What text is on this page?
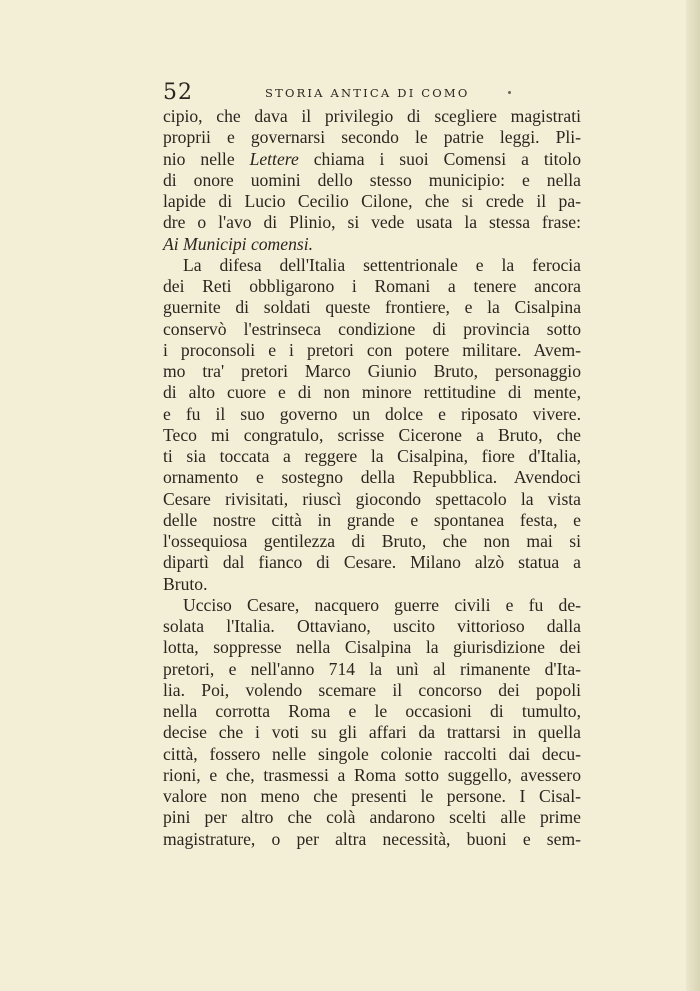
52	STORIA ANTICA DI COMO
cipio, che dava il privilegio di scegliere magistrati
proprii e governarsi secondo le patrie leggi. Pli-
nio nelle Lettere chiama i suoi Comensi a titolo
di onore uomini dello stesso municipio: e nella
lapide di Lucio Cecilio Cilone, che si crede il pa-
dre o l'avo di Plinio, si vede usata la stessa frase:
Ai Municipi comensi.
La difesa dell'Italia settentrionale e la ferocia
dei Reti obbligarono i Romani a tenere ancora
guernite di soldati queste frontiere, e la Cisalpina
conservò l'estrinseca condizione di provincia sotto
i proconsoli e i pretori con potere militare. Avem-
mo tra' pretori Marco Giunio Bruto, personaggio
di alto cuore e di non minore rettitudine di mente,
e fu il suo governo un dolce e riposato vivere.
Teco mi congratulo, scrisse Cicerone a Bruto, che
ti sia toccata a reggere la Cisalpina, fiore d'Italia,
ornamento e sostegno della Repubblica. Avendoci
Cesare rivisitati, riuscì giocondo spettacolo la vista
delle nostre città in grande e spontanea festa, e
l'ossequiosa gentilezza di Bruto, che non mai si
dipartì dal fianco di Cesare. Milano alzò statua a
Bruto.
Ucciso Cesare, nacquero guerre civili e fu de-
solata l'Italia. Ottaviano, uscito vittorioso dalla
lotta, soppresse nella Cisalpina la giurisdizione dei
pretori, e nell'anno 714 la unì al rimanente d'Ita-
lia. Poi, volendo scemare il concorso dei popoli
nella corrotta Roma e le occasioni di tumulto,
decise che i voti su gli affari da trattarsi in quella
città, fossero nelle singole colonie raccolti dai decu-
rioni, e che, trasmessi a Roma sotto suggello, avessero
valore non meno che presenti le persone. I Cisal-
pini per altro che colà andarono scelti alle prime
magistrature, o per altra necessità, buoni e sem-
